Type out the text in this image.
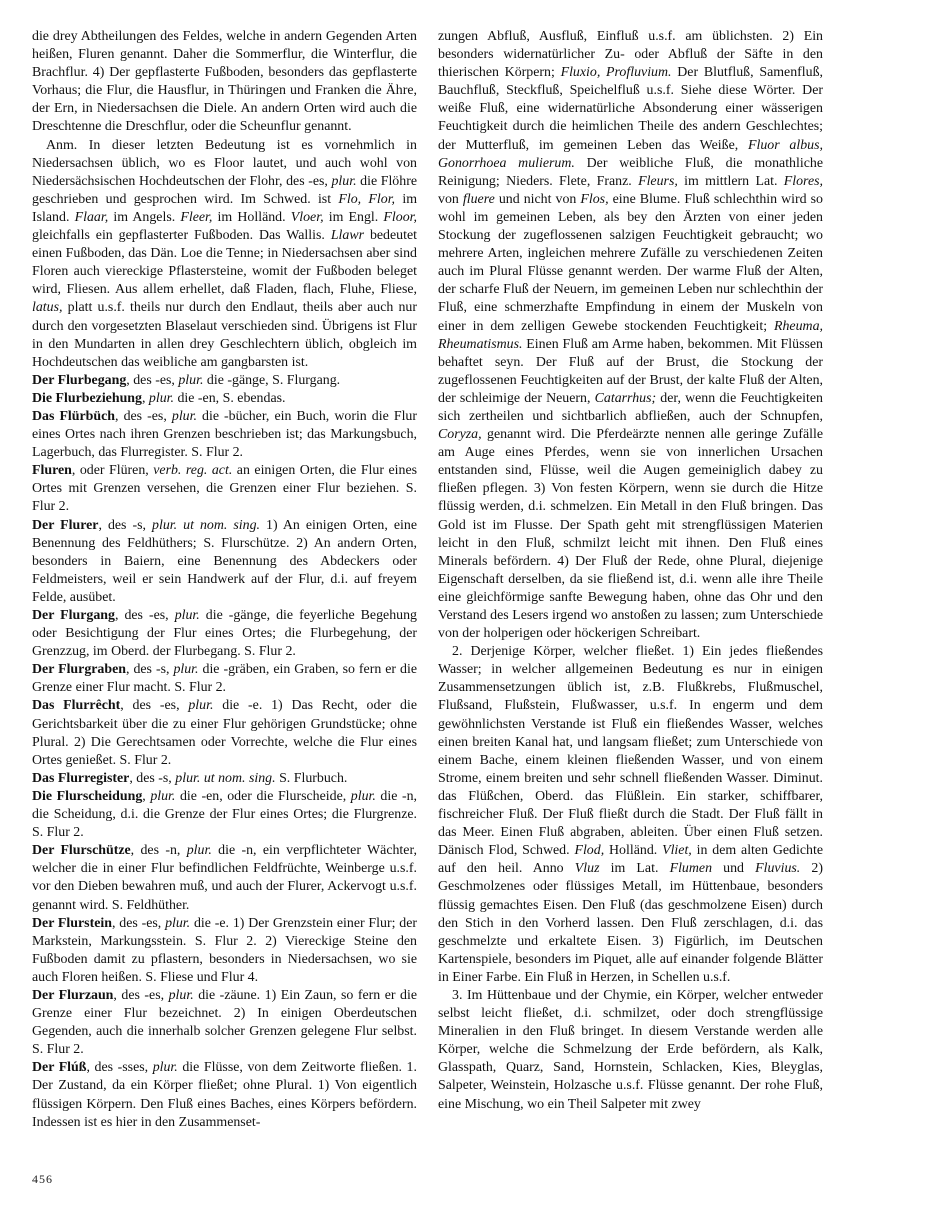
die drey Abtheilungen des Feldes, welche in andern Gegenden Arten heißen, Fluren genannt. Daher die Sommerflur, die Winterflur, die Brachflur. 4) Der gepflasterte Fußboden, besonders das gepflasterte Vorhaus; die Flur, die Hausflur, in Thüringen und Franken die Ähre, der Ern, in Niedersachsen die Diele. An andern Orten wird auch die Dreschtenne die Dreschflur, oder die Scheunflur genannt.

Anm. In dieser letzten Bedeutung ist es vornehmlich in Niedersachsen üblich, wo es Floor lautet, und auch wohl von Niedersächsischen Hochdeutschen der Flohr, des -es, plur. die Flöhre geschrieben und gesprochen wird. Im Schwed. ist Flo, Flor, im Island. Flaar, im Angels. Fleer, im Holländ. Vloer, im Engl. Floor, gleichfalls ein gepflasterter Fußboden. Das Wallis. Llawr bedeutet einen Fußboden, das Dän. Loe die Tenne; in Niedersachsen aber sind Floren auch viereckige Pflastersteine, womit der Fußboden beleget wird, Fliesen. Aus allem erhellet, daß Fladen, flach, Fluhe, Fliese, latus, platt u.s.f. theils nur durch den Endlaut, theils aber auch nur durch den vorgesetzten Blaselaut verschieden sind. Übrigens ist Flur in den Mundarten in allen drey Geschlechtern üblich, obgleich im Hochdeutschen das weibliche am gangbarsten ist.

Der Flurbegang, des -es, plur. die -gänge, S. Flurgang.

Die Flurbeziehung, plur. die -en, S. ebendas.

Das Flürbüch, des -es, plur. die -bücher, ein Buch, worin die Flur eines Ortes nach ihren Grenzen beschrieben ist; das Markungsbuch, Lagerbuch, das Flurregister. S. Flur 2.

Fluren, oder Flüren, verb. reg. act. an einigen Orten, die Flur eines Ortes mit Grenzen versehen, die Grenzen einer Flur beziehen. S. Flur 2.

Der Flurer, des -s, plur. ut nom. sing. 1) An einigen Orten, eine Benennung des Feldhüthers; S. Flurschütze. 2) An andern Orten, besonders in Baiern, eine Benennung des Abdeckers oder Feldmeisters, weil er sein Handwerk auf der Flur, d.i. auf freyem Felde, ausübet.

Der Flurgang, des -es, plur. die -gänge, die feyerliche Begehung oder Besichtigung der Flur eines Ortes; die Flurbegehung, der Grenzzug, im Oberd. der Flurbegang. S. Flur 2.

Der Flurgraben, des -s, plur. die -gräben, ein Graben, so fern er die Grenze einer Flur macht. S. Flur 2.

Das Flurrêcht, des -es, plur. die -e. 1) Das Recht, oder die Gerichtsbarkeit über die zu einer Flur gehörigen Grundstücke; ohne Plural. 2) Die Gerechtsamen oder Vorrechte, welche die Flur eines Ortes genießet. S. Flur 2.

Das Flurregister, des -s, plur. ut nom. sing. S. Flurbuch.

Die Flurscheidung, plur. die -en, oder die Flurscheide, plur. die -n, die Scheidung, d.i. die Grenze der Flur eines Ortes; die Flurgrenze. S. Flur 2.

Der Flurschütze, des -n, plur. die -n, ein verpflichteter Wächter, welcher die in einer Flur befindlichen Feldfrüchte, Weinberge u.s.f. vor den Dieben bewahren muß, und auch der Flurer, Ackervogt u.s.f. genannt wird. S. Feldhüther.

Der Flurstein, des -es, plur. die -e. 1) Der Grenzstein einer Flur; der Markstein, Markungsstein. S. Flur 2. 2) Viereckige Steine den Fußboden damit zu pflastern, besonders in Niedersachsen, wo sie auch Floren heißen. S. Fliese und Flur 4.

Der Flurzaun, des -es, plur. die -zäune. 1) Ein Zaun, so fern er die Grenze einer Flur bezeichnet. 2) In einigen Oberdeutschen Gegenden, auch die innerhalb solcher Grenzen gelegene Flur selbst. S. Flur 2.

Der Flúß, des -sses, plur. die Flüsse, von dem Zeitworte fließen. 1. Der Zustand, da ein Körper fließet; ohne Plural. 1) Von eigentlich flüssigen Körpern. Den Fluß eines Baches, eines Körpers befördern. Indessen ist es hier in den Zusammenset-

zungen Abfluß, Ausfluß, Einfluß u.s.f. am üblichsten. 2) Ein besonders widernatürlicher Zu- oder Abfluß der Säfte in den thierischen Körpern; Fluxio, Profluvium. Der Blutfluß, Samenfluß, Bauchfluß, Steckfluß, Speichelfluß u.s.f. Siehe diese Wörter. Der weiße Fluß, eine widernatürliche Absonderung einer wässerigen Feuchtigkeit durch die heimlichen Theile des andern Geschlechtes; der Mutterfluß, im gemeinen Leben das Weiße, Fluor albus, Gonorrhoea mulierum. Der weibliche Fluß, die monathliche Reinigung; Nieders. Flete, Franz. Fleurs, im mittlern Lat. Flores, von fluere und nicht von Flos, eine Blume. Fluß schlechthin wird so wohl im gemeinen Leben, als bey den Ärzten von einer jeden Stockung der zugeflossenen salzigen Feuchtigkeit gebraucht; wo mehrere Arten, ingleichen mehrere Zufälle zu verschiedenen Zeiten auch im Plural Flüsse genannt werden. Der warme Fluß der Alten, der scharfe Fluß der Neuern, im gemeinen Leben nur schlechthin der Fluß, eine schmerzhafte Empfindung in einem der Muskeln von einer in dem zelligen Gewebe stockenden Feuchtigkeit; Rheuma, Rheumatismus. Einen Fluß am Arme haben, bekommen. Mit Flüssen behaftet seyn. Der Fluß auf der Brust, die Stockung der zugeflossenen Feuchtigkeiten auf der Brust, der kalte Fluß der Alten, der schleimige der Neuern, Catarrhus; der, wenn die Feuchtigkeiten sich zertheilen und sichtbarlich abfließen, auch der Schnupfen, Coryza, genannt wird. Die Pferdeärzte nennen alle geringe Zufälle am Auge eines Pferdes, wenn sie von innerlichen Ursachen entstanden sind, Flüsse, weil die Augen gemeiniglich dabey zu fließen pflegen. 3) Von festen Körpern, wenn sie durch die Hitze flüssig werden, d.i. schmelzen. Ein Metall in den Fluß bringen. Das Gold ist im Flusse. Der Spath geht mit strengflüssigen Materien leicht in den Fluß, schmilzt leicht mit ihnen. Den Fluß eines Minerals befördern. 4) Der Fluß der Rede, ohne Plural, diejenige Eigenschaft derselben, da sie fließend ist, d.i. wenn alle ihre Theile eine gleichförmige sanfte Bewegung haben, ohne das Ohr und den Verstand des Lesers irgend wo anstoßen zu lassen; zum Unterschiede von der holperigen oder höckerigen Schreibart.

2. Derjenige Körper, welcher fließet. 1) Ein jedes fließendes Wasser; in welcher allgemeinen Bedeutung es nur in einigen Zusammensetzungen üblich ist, z.B. Flußkrebs, Flußmuschel, Flußsand, Flußstein, Flußwasser, u.s.f. In engerm und dem gewöhnlichsten Verstande ist Fluß ein fließendes Wasser, welches einen breiten Kanal hat, und langsam fließet; zum Unterschiede von einem Bache, einem kleinen fließenden Wasser, und von einem Strome, einem breiten und sehr schnell fließenden Wasser. Diminut. das Flüßchen, Oberd. das Flüßlein. Ein starker, schiffbarer, fischreicher Fluß. Der Fluß fließt durch die Stadt. Der Fluß fällt in das Meer. Einen Fluß abgraben, ableiten. Über einen Fluß setzen. Dänisch Flod, Schwed. Flod, Holländ. Vliet, in dem alten Gedichte auf den heil. Anno Vluz im Lat. Flumen und Fluvius. 2) Geschmolzenes oder flüssiges Metall, im Hüttenbaue, besonders flüssig gemachtes Eisen. Den Fluß (das geschmolzene Eisen) durch den Stich in den Vorherd lassen. Den Fluß zerschlagen, d.i. das geschmelzte und erkaltete Eisen. 3) Figürlich, im Deutschen Kartenspiele, besonders im Piquet, alle auf einander folgende Blätter in Einer Farbe. Ein Fluß in Herzen, in Schellen u.s.f.

3. Im Hüttenbaue und der Chymie, ein Körper, welcher entweder selbst leicht fließet, d.i. schmilzet, oder doch strengflüssige Mineralien in den Fluß bringet. In diesem Verstande werden alle Körper, welche die Schmelzung der Erde befördern, als Kalk, Glasspath, Quarz, Sand, Hornstein, Schlacken, Kies, Bleyglas, Salpeter, Weinstein, Holzasche u.s.f. Flüsse genannt. Der rohe Fluß, eine Mischung, wo ein Theil Salpeter mit zwey

456
